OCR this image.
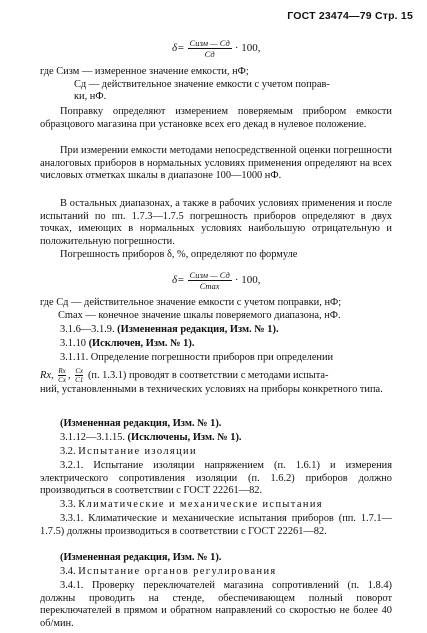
ГОСТ 23474—79 Стр. 15
$\delta= \frac{\text{Cизм — Cд}}{Cд} \cdot 100$,
где Cизм — измеренное значение емкости, нФ;
Cд — действительное значение емкости с учетом поправ-
ки, нФ.
Поправку определяют измерением поверяемым прибором емкости образцового магазина при установке всех его декад в нулевое положение.
При измерении емкости методами непосредственной оценки погрешности аналоговых приборов в нормальных условиях применения определяют на всех числовых отметках шкалы в диапазоне 100—1000 нФ.
В остальных диапазонах, а также в рабочих условиях применения и после испытаний по пп. 1.7.3—1.7.5 погрешность приборов определяют в двух точках, имеющих в нормальных условиях наибольшую отрицательную и положительную погрешности.
Погрешность приборов δ, %, определяют по формуле
$\delta= \frac{\text{Cизм — Cд}}{Cmax} \cdot 100$,
где Cд — действительное значение емкости с учетом поправки, нФ;
Cmax — конечное значение шкалы поверяемого диапазона, нФ.
3.1.6—3.1.9. (Измененная редакция, Изм. № 1).
3.1.10 (Исключен, Изм. № 1).
3.1.11. Определение погрешности приборов при определении
Rx, $\frac{Rx}{Cx}$ , $\frac{Cx}{C1} (п$. 1.3.1) проводят в соответствии с методами испыта-
ний, установленными в технических условиях на приборы конкретного типа.
(Измененная редакция, Изм. № 1).
3.1.12—3.1.15. (Исключены, Изм. № 1).
3.2. Испытание изоляции
3.2.1. Испытание изоляции напряжением (п. 1.6.1) и измерения электрического сопротивления изоляции (п. 1.6.2) приборов должно производиться в соответствии с ГОСТ 22261—82.
3.3. Климатические и механические испытания
3.3.1. Климатические и механические испытания приборов (пп. 1.7.1—1.7.5) должны производиться в соответствии с ГОСТ 22261—82.
(Измененная редакция, Изм. № 1).
3.4. Испытание органов регулирования
3.4.1. Проверку переключателей магазина сопротивлений (п. 1.8.4) должны проводить на стенде, обеспечивающем полный поворот переключателей в прямом и обратном направлений со скоростью не более 40 об/мин.
